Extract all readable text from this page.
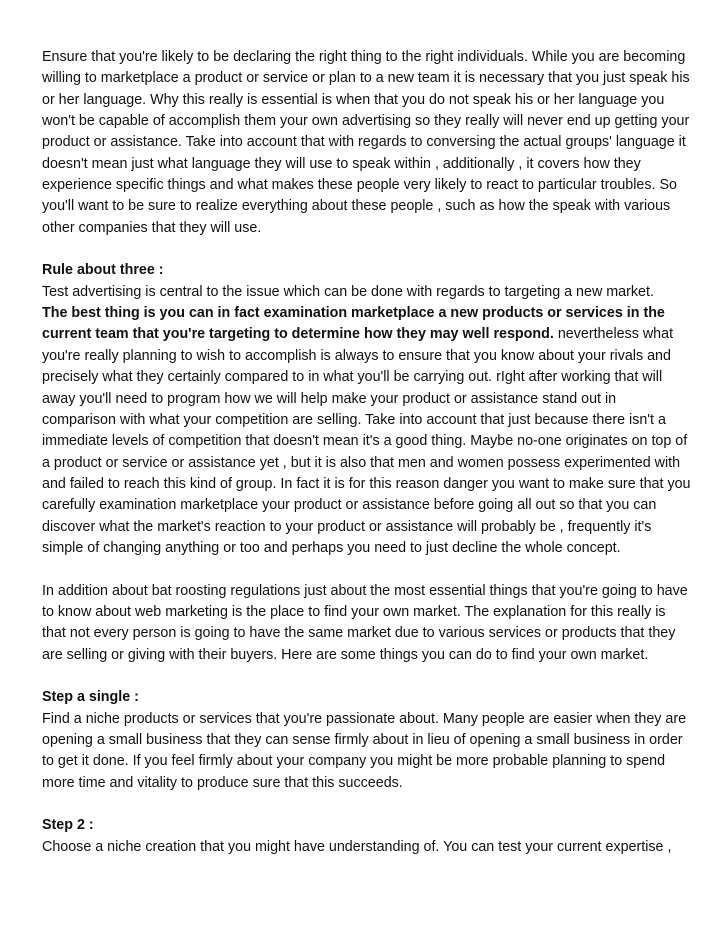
Ensure that you're likely to be declaring the right thing to the right individuals. While you are becoming willing to marketplace a product or service or plan to a new team it is necessary that you just speak his or her language. Why this really is essential is when that you do not speak his or her language you won't be capable of accomplish them your own advertising so they really will never end up getting your product or assistance. Take into account that with regards to conversing the actual groups' language it doesn't mean just what language they will use to speak within , additionally , it covers how they experience specific things and what makes these people very likely to react to particular troubles. So you'll want to be sure to realize everything about these people , such as how the speak with various other companies that they will use.

Rule about three :
Test advertising is central to the issue which can be done with regards to targeting a new market.
The best thing is you can in fact examination marketplace a new products or services in the current team that you're targeting to determine how they may well respond. nevertheless what you're really planning to wish to accomplish is always to ensure that you know about your rivals and precisely what they certainly compared to in what you'll be carrying out. rIght after working that will away you'll need to program how we will help make your product or assistance stand out in comparison with what your competition are selling. Take into account that just because there isn't a immediate levels of competition that doesn't mean it's a good thing. Maybe no-one originates on top of a product or service or assistance yet , but it is also that men and women possess experimented with and failed to reach this kind of group. In fact it is for this reason danger you want to make sure that you carefully examination marketplace your product or assistance before going all out so that you can discover what the market's reaction to your product or assistance will probably be , frequently it's simple of changing anything or too and perhaps you need to just decline the whole concept.

In addition about bat roosting regulations just about the most essential things that you're going to have to know about web marketing is the place to find your own market. The explanation for this really is that not every person is going to have the same market due to various services or products that they are selling or giving with their buyers. Here are some things you can do to find your own market.

Step a single :
Find a niche products or services that you're passionate about. Many people are easier when they are opening a small business that they can sense firmly about in lieu of opening a small business in order to get it done. If you feel firmly about your company you might be more probable planning to spend more time and vitality to produce sure that this succeeds.
Step 2 :
Choose a niche creation that you might have understanding of. You can test your current expertise ,
